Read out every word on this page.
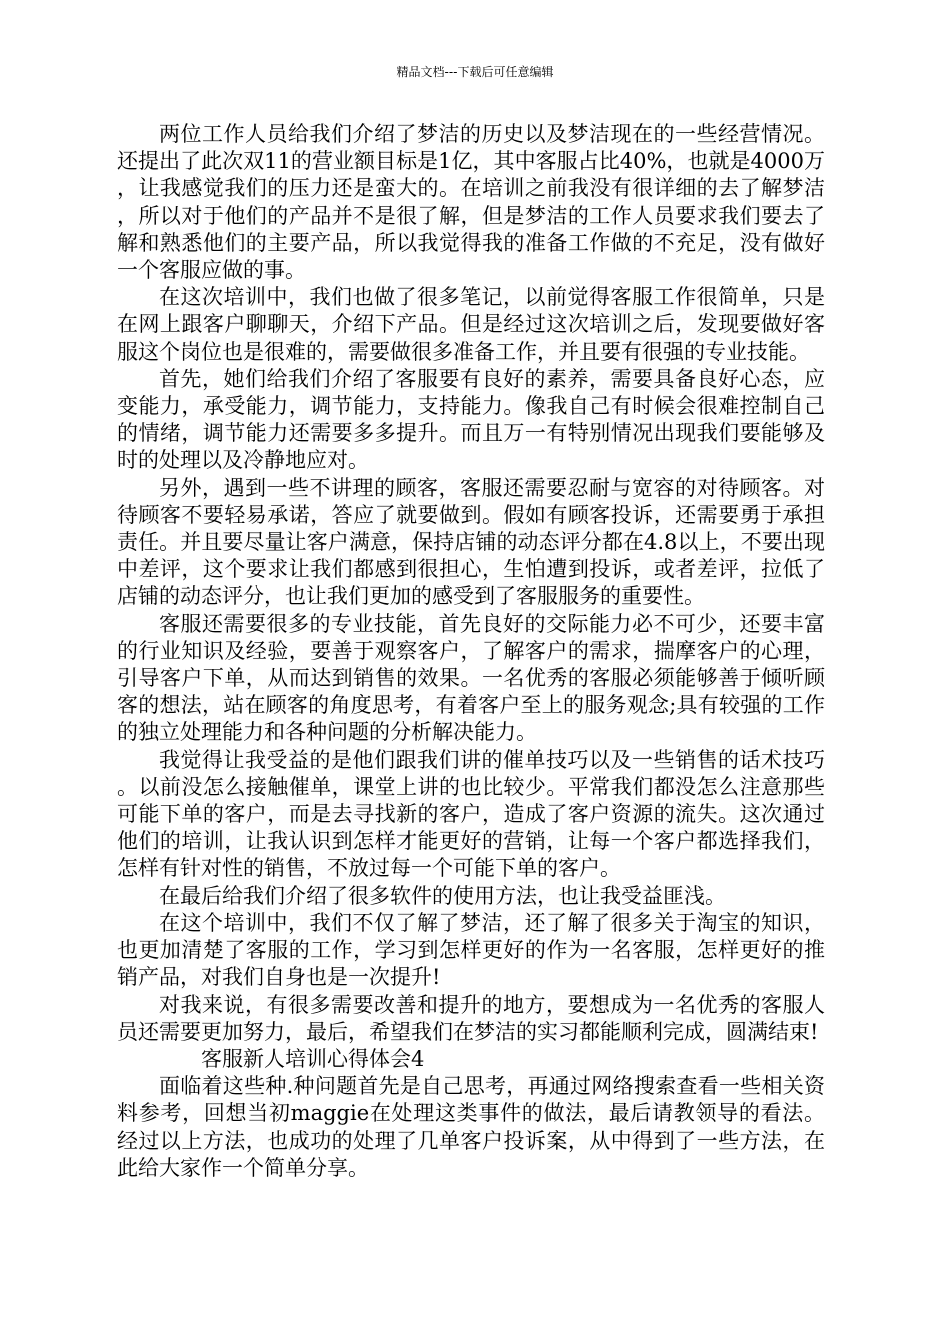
精品文档---下载后可任意编辑

两位工作人员给我们介绍了梦洁的历史以及梦洁现在的一些经营情况。还提出了此次双11的营业额目标是1亿，其中客服占比40%，也就是4000万，让我感觉我们的压力还是蛮大的。在培训之前我没有很详细的去了解梦洁，所以对于他们的产品并不是很了解，但是梦洁的工作人员要求我们要去了解和熟悉他们的主要产品，所以我觉得我的准备工作做的不充足，没有做好一个客服应做的事。

在这次培训中，我们也做了很多笔记，以前觉得客服工作很简单，只是在网上跟客户聊聊天，介绍下产品。但是经过这次培训之后，发现要做好客服这个岗位也是很难的，需要做很多准备工作，并且要有很强的专业技能。

首先，她们给我们介绍了客服要有良好的素养，需要具备良好心态，应变能力，承受能力，调节能力，支持能力。像我自己有时候会很难控制自己的情绪，调节能力还需要多多提升。而且万一有特别情况出现我们要能够及时的处理以及冷静地应对。

另外，遇到一些不讲理的顾客，客服还需要忍耐与宽容的对待顾客。对待顾客不要轻易承诺，答应了就要做到。假如有顾客投诉，还需要勇于承担责任。并且要尽量让客户满意，保持店铺的动态评分都在4.8以上，不要出现中差评，这个要求让我们都感到很担心，生怕遭到投诉，或者差评，拉低了店铺的动态评分，也让我们更加的感受到了客服服务的重要性。

客服还需要很多的专业技能，首先良好的交际能力必不可少，还要丰富的行业知识及经验，要善于观察客户，了解客户的需求，揣摩客户的心理，引导客户下单，从而达到销售的效果。一名优秀的客服必须能够善于倾听顾客的想法，站在顾客的角度思考，有着客户至上的服务观念;具有较强的工作的独立处理能力和各种问题的分析解决能力。

我觉得让我受益的是他们跟我们讲的催单技巧以及一些销售的话术技巧。以前没怎么接触催单，课堂上讲的也比较少。平常我们都没怎么注意那些可能下单的客户，而是去寻找新的客户，造成了客户资源的流失。这次通过他们的培训，让我认识到怎样才能更好的营销，让每一个客户都选择我们，怎样有针对性的销售，不放过每一个可能下单的客户。

在最后给我们介绍了很多软件的使用方法，也让我受益匪浅。

在这个培训中，我们不仅了解了梦洁，还了解了很多关于淘宝的知识，也更加清楚了客服的工作，学习到怎样更好的作为一名客服，怎样更好的推销产品，对我们自身也是一次提升!

对我来说，有很多需要改善和提升的地方，要想成为一名优秀的客服人员还需要更加努力，最后，希望我们在梦洁的实习都能顺利完成，圆满结束!

客服新人培训心得体会4

面临着这些种.种问题首先是自己思考，再通过网络搜索查看一些相关资料参考，回想当初maggie在处理这类事件的做法，最后请教领导的看法。经过以上方法，也成功的处理了几单客户投诉案，从中得到了一些方法，在此给大家作一个简单分享。
